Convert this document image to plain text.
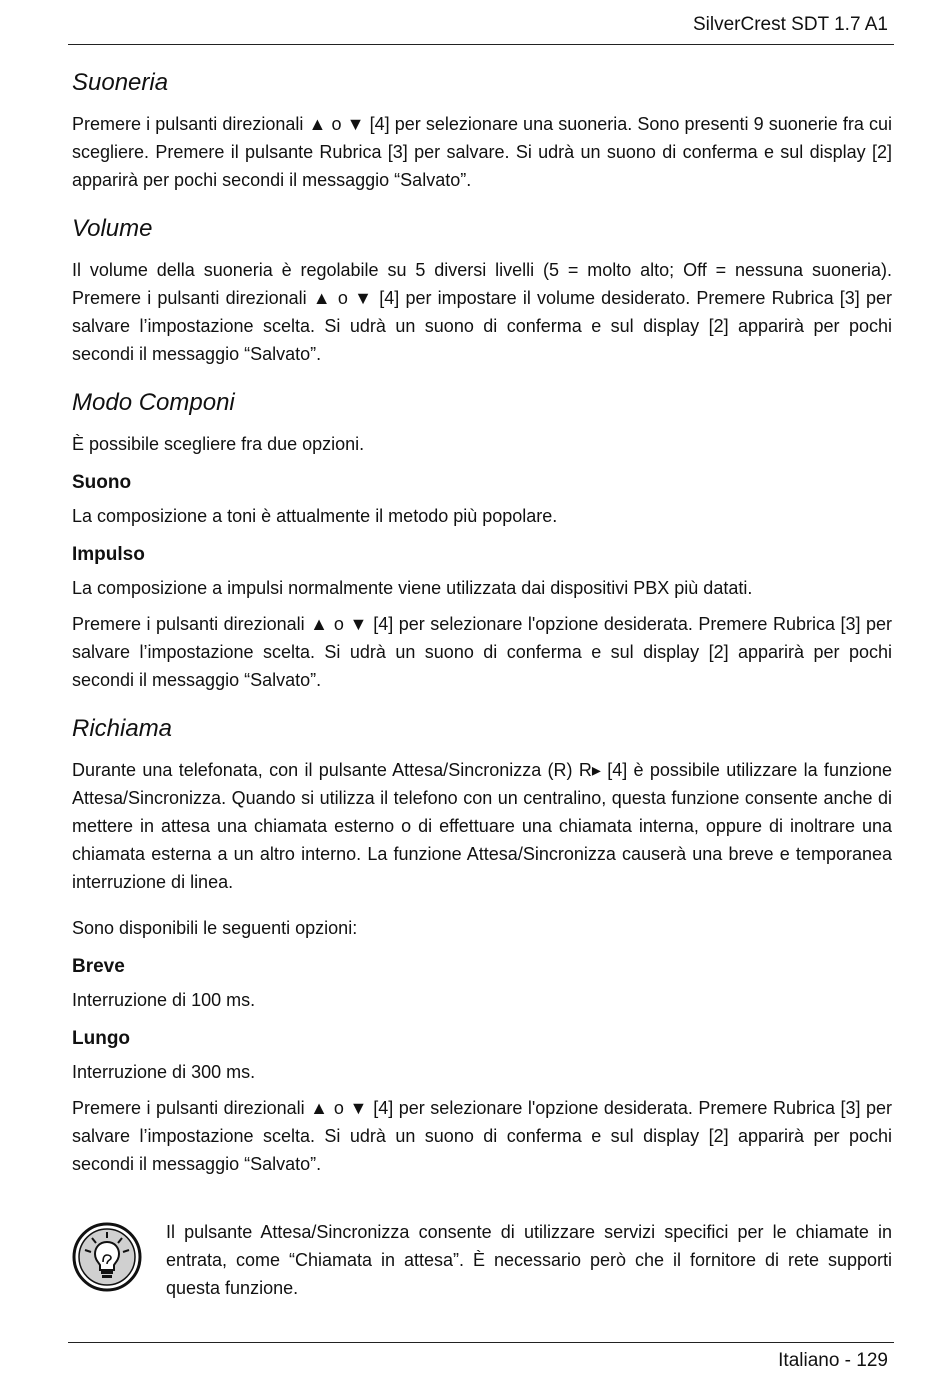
SilverCrest SDT 1.7 A1
Suoneria

Premere i pulsanti direzionali ▲ o ▼ [4] per selezionare una suoneria. Sono presenti 9 suonerie fra cui scegliere. Premere il pulsante Rubrica [3] per salvare. Si udrà un suono di conferma e sul display [2] apparirà per pochi secondi il messaggio “Salvato”.

Volume

Il volume della suoneria è regolabile su 5 diversi livelli (5 = molto alto; Off = nessuna suoneria). Premere i pulsanti direzionali ▲ o ▼ [4] per impostare il volume desiderato. Premere Rubrica [3] per salvare l’impostazione scelta. Si udrà un suono di conferma e sul display [2] apparirà per pochi secondi il messaggio “Salvato”.

Modo Componi

È possibile scegliere fra due opzioni.

Suono

La composizione a toni è attualmente il metodo più popolare.

Impulso

La composizione a impulsi normalmente viene utilizzata dai dispositivi PBX più datati.

Premere i pulsanti direzionali ▲ o ▼ [4] per selezionare l'opzione desiderata. Premere Rubrica [3] per salvare l’impostazione scelta. Si udrà un suono di conferma e sul display [2] apparirà per pochi secondi il messaggio “Salvato”.

Richiama

Durante una telefonata, con il pulsante Attesa/Sincronizza (R) R▸ [4] è possibile utilizzare la funzione Attesa/Sincronizza. Quando si utilizza il telefono con un centralino, questa funzione consente anche di mettere in attesa una chiamata esterno o di effettuare una chiamata interna, oppure di inoltrare una chiamata esterna a un altro interno. La funzione Attesa/Sincronizza causerà una breve e temporanea interruzione di linea.

Sono disponibili le seguenti opzioni:

Breve

Interruzione di 100 ms.

Lungo

Interruzione di 300 ms.

Premere i pulsanti direzionali ▲ o ▼ [4] per selezionare l'opzione desiderata. Premere Rubrica [3] per salvare l’impostazione scelta. Si udrà un suono di conferma e sul display [2] apparirà per pochi secondi il messaggio “Salvato”.

Il pulsante Attesa/Sincronizza consente di utilizzare servizi specifici per le chiamate in entrata, come “Chiamata in attesa”. È necessario però che il fornitore di rete supporti questa funzione.

Italiano - 129
